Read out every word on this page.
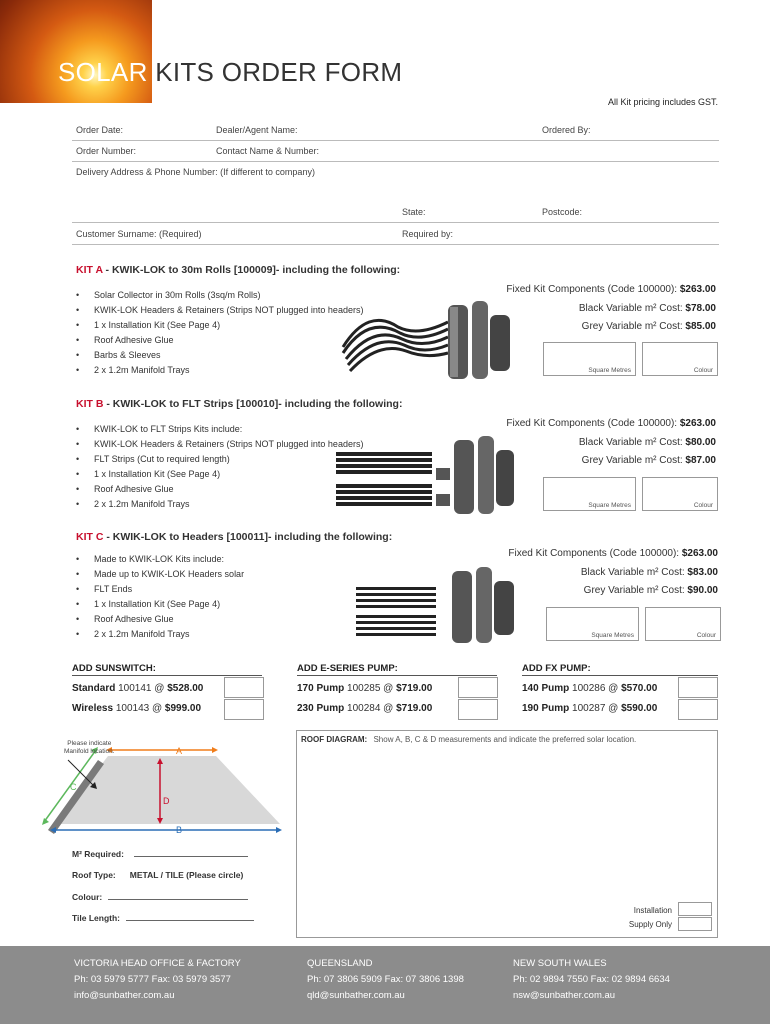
SOLAR KITS ORDER FORM
All Kit pricing includes GST.
Order Date:	Dealer/Agent Name:	Ordered By:
Order Number:	Contact Name & Number:
Delivery Address & Phone Number: (If different to company)
State:	Postcode:
Customer Surname: (Required)	Required by:
KIT A - KWIK-LOK to 30m Rolls [100009]- including the following:
• Solar Collector in 30m Rolls (3sq/m Rolls)
• KWIK-LOK Headers & Retainers (Strips NOT plugged into headers)
• 1 x Installation Kit (See Page 4)
• Roof Adhesive Glue
• Barbs & Sleeves
• 2 x 1.2m Manifold Trays
Fixed Kit Components (Code 100000): $263.00
Black Variable m² Cost: $78.00
Grey Variable m² Cost: $85.00
Square Metres	Colour
KIT B - KWIK-LOK to FLT Strips [100010]- including the following:
• KWIK-LOK to FLT Strips Kits include:
• KWIK-LOK Headers & Retainers (Strips NOT plugged into headers)
• FLT Strips (Cut to required length)
• 1 x Installation Kit (See Page 4)
• Roof Adhesive Glue
• 2 x 1.2m Manifold Trays
Fixed Kit Components (Code 100000): $263.00
Black Variable m² Cost: $80.00
Grey Variable m² Cost: $87.00
Square Metres	Colour
KIT C - KWIK-LOK to Headers [100011]- including the following:
• Made to KWIK-LOK Kits include:
• Made up to KWIK-LOK Headers solar
• FLT Ends
• 1 x Installation Kit (See Page 4)
• Roof Adhesive Glue
• 2 x 1.2m Manifold Trays
Fixed Kit Components (Code 100000): $263.00
Black Variable m² Cost: $83.00
Grey Variable m² Cost: $90.00
Square Metres	Colour
ADD SUNSWITCH:
Standard 100141 @ $528.00
Wireless 100143 @ $999.00
ADD E-SERIES PUMP:
170 Pump 100285 @ $719.00
230 Pump 100284 @ $719.00
ADD FX PUMP:
140 Pump 100286 @ $570.00
190 Pump 100287 @ $590.00
Please indicate
Manifold location.	A
C
D
B
ROOF DIAGRAM: Show A, B, C & D measurements and indicate the preferred solar location.
M² Required:
Roof Type: METAL / TILE (Please circle)
Colour:
Tile Length:
Installation
Supply Only
VICTORIA HEAD OFFICE & FACTORY
Ph: 03 5979 5777 Fax: 03 5979 3577
info@sunbather.com.au
QUEENSLAND
Ph: 07 3806 5909 Fax: 07 3806 1398
qld@sunbather.com.au
NEW SOUTH WALES
Ph: 02 9894 7550 Fax: 02 9894 6634
nsw@sunbather.com.au
